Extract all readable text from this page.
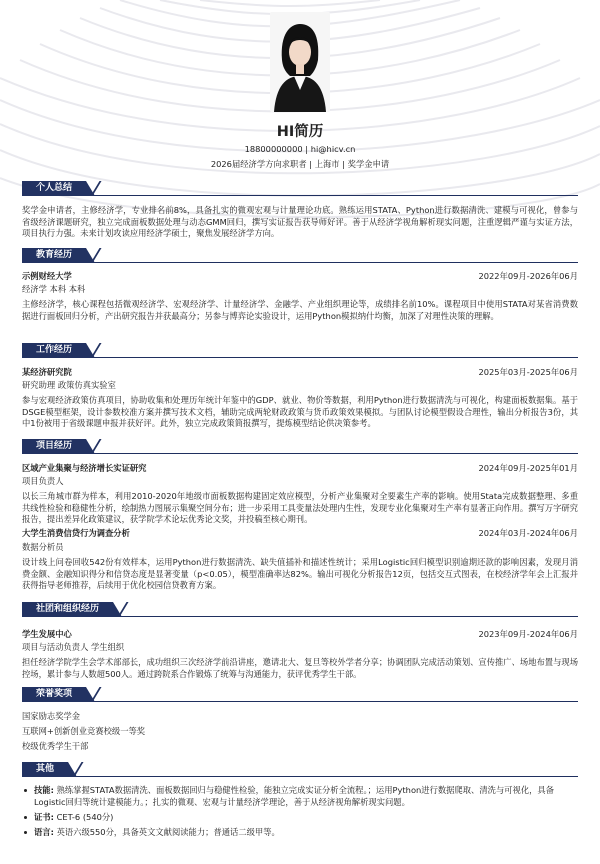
HI简历
18800000000 | hi@hicv.cn
2026届经济学方向求职者 | 上海市 | 奖学金申请
个人总结
奖学金申请者，主修经济学，专业排名前8%，具备扎实的微观宏观与计量理论功底。熟练运用STATA、Python进行数据清洗、建模与可视化，曾参与省级经济课题研究，独立完成面板数据处理与动态GMM回归，撰写实证报告获导师好评。善于从经济学视角解析现实问题，注重逻辑严谨与实证方法，项目执行力强。未来计划攻读应用经济学硕士，聚焦发展经济学方向。
教育经历
示例财经大学	2022年09月-2026年06月
经济学 本科 本科
主修经济学，核心课程包括微观经济学、宏观经济学、计量经济学、金融学、产业组织理论等，成绩排名前10%。课程项目中使用STATA对某省消费数据进行面板回归分析，产出研究报告并获最高分；另参与博弈论实验设计，运用Python模拟纳什均衡，加深了对理性决策的理解。
工作经历
某经济研究院	2025年03月-2025年06月
研究助理 政策仿真实验室
参与宏观经济政策仿真项目，协助收集和处理历年统计年鉴中的GDP、就业、物价等数据，利用Python进行数据清洗与可视化，构建面板数据集。基于DSGE模型框架，设计参数校准方案并撰写技术文档，辅助完成两轮财政政策与货币政策效果模拟。与团队讨论模型假设合理性，输出分析报告3份，其中1份被用于省级课题申报并获好评。此外，独立完成政策简报撰写，提炼模型结论供决策参考。
项目经历
区域产业集聚与经济增长实证研究	2024年09月-2025年01月
项目负责人
以长三角城市群为样本，利用2010-2020年地级市面板数据构建固定效应模型，分析产业集聚对全要素生产率的影响。使用Stata完成数据整理、多重共线性检验和稳健性分析，绘制热力图展示集聚空间分布；进一步采用工具变量法处理内生性，发现专业化集聚对生产率有显著正向作用。撰写万字研究报告，提出差异化政策建议，获学院学术论坛优秀论文奖，并投稿至核心期刊。
大学生消费信贷行为调查分析	2024年03月-2024年06月
数据分析员
设计线上问卷回收542份有效样本，运用Python进行数据清洗、缺失值插补和描述性统计；采用Logistic回归模型识别逾期还款的影响因素，发现月消费金额、金融知识得分和信贷态度是显著变量（p<0.05），模型准确率达82%。输出可视化分析报告12页，包括交互式图表，在校经济学年会上汇报并获得指导老师推荐，后续用于优化校园信贷教育方案。
社团和组织经历
学生发展中心	2023年09月-2024年06月
项目与活动负责人 学生组织
担任经济学院学生会学术部部长，成功组织三次经济学前沿讲座，邀请北大、复旦等校外学者分享；协调团队完成活动策划、宣传推广、场地布置与现场控场，累计参与人数超500人。通过跨院系合作锻炼了统筹与沟通能力，获评优秀学生干部。
荣誉奖项
国家励志奖学金
互联网+创新创业竞赛校级一等奖
校级优秀学生干部
其他
技能: 熟练掌握STATA数据清洗、面板数据回归与稳健性检验，能独立完成实证分析全流程。；运用Python进行数据爬取、清洗与可视化，具备Logistic回归等统计建模能力。；扎实的微观、宏观与计量经济学理论，善于从经济视角解析现实问题。
证书: CET-6 (540分)
语言: 英语六级550分，具备英文文献阅读能力；普通话二级甲等。
